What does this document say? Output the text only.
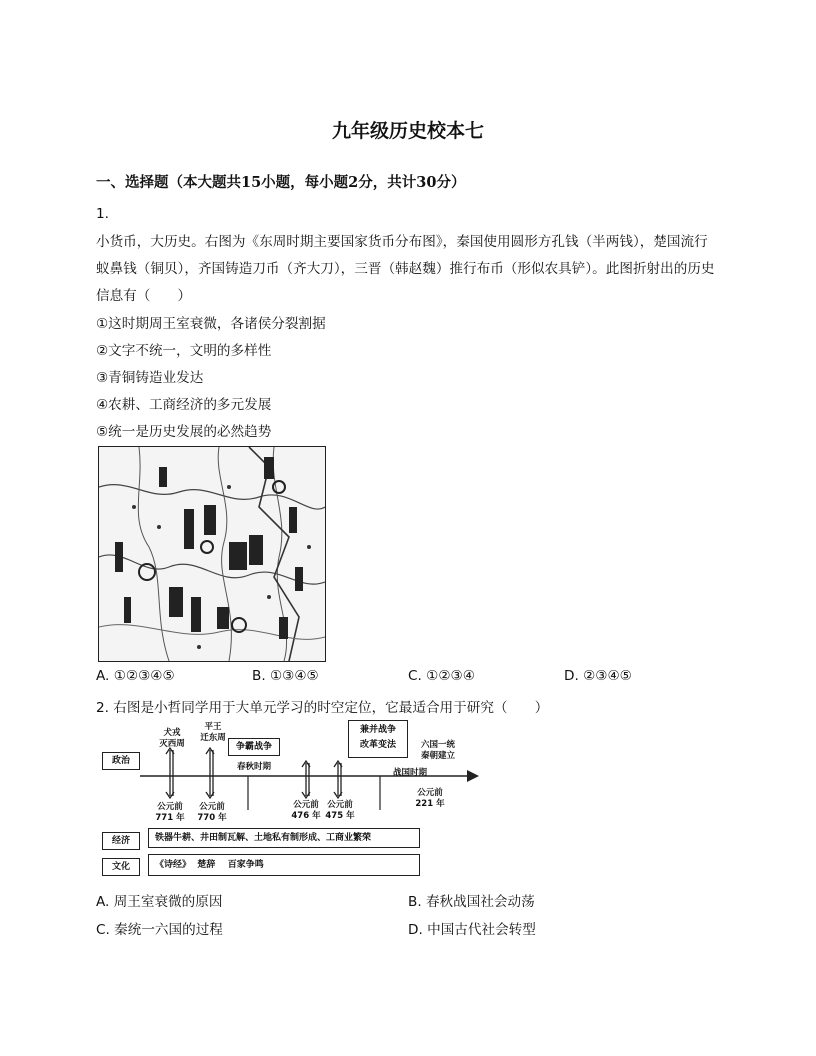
九年级历史校本七
一、选择题（本大题共15小题，每小题2分，共计30分）
1.
小货币，大历史。右图为《东周时期主要国家货币分布图》，秦国使用圆形方孔钱（半两钱），楚国流行蚁鼻钱（铜贝），齐国铸造刀币（齐大刀），三晋（韩赵魏）推行布币（形似农具铲）。此图折射出的历史信息有（　　）
①这时期周王室衰微，各诸侯分裂割据
②文字不统一，文明的多样性
③青铜铸造业发达
④农耕、工商经济的多元发展
⑤统一是历史发展的必然趋势
A. ①②③④⑤	B. ①③④⑤	C. ①②③④	D. ②③④⑤
2. 右图是小哲同学用于大单元学习的时空定位，它最适合用于研究（　　）
政治
经济
文化
犬戎
灭西周
平王
迁东周
争霸战争
春秋时期
兼并战争
改革变法	六国一统
秦朝建立
战国时期
公元前
771 年
公元前
770 年
公元前
476 年
公元前
475 年
公元前
221 年
铁器牛耕、井田制瓦解、土地私有制形成、工商业繁荣
《诗经》  楚辞    百家争鸣
A. 周王室衰微的原因	B. 春秋战国社会动荡
C. 秦统一六国的过程	D. 中国古代社会转型
